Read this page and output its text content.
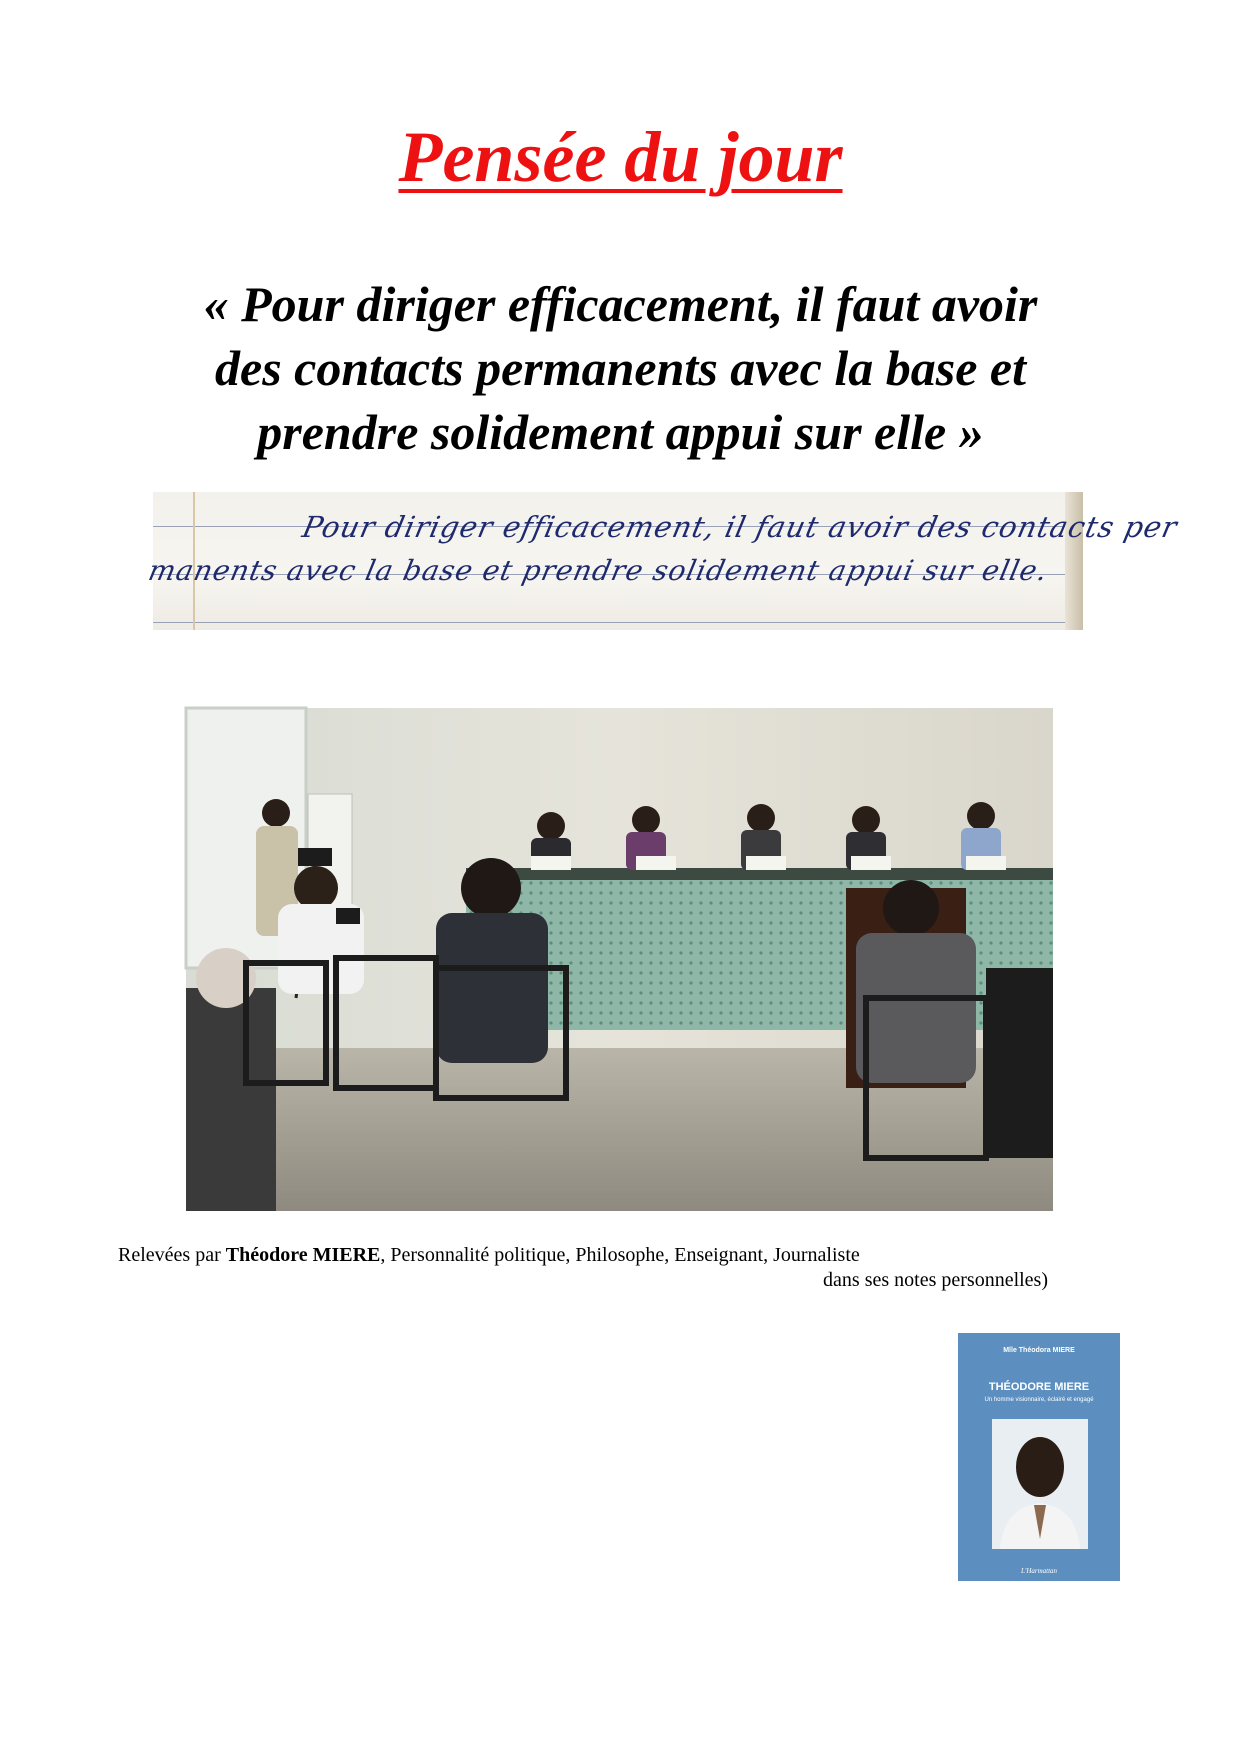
Pensée du jour
« Pour diriger efficacement, il faut avoir
des contacts permanents avec la base et
prendre solidement appui sur elle »
Pour diriger efficacement, il faut avoir des contacts per
manents avec la base et prendre solidement appui sur elle.
Relevées par Théodore MIERE, Personnalité politique, Philosophe, Enseignant, Journaliste
dans ses notes personnelles)
Mlle Théodora MIERE
THÉODORE MIERE
Un homme visionnaire, éclairé et engagé
L'Harmattan
